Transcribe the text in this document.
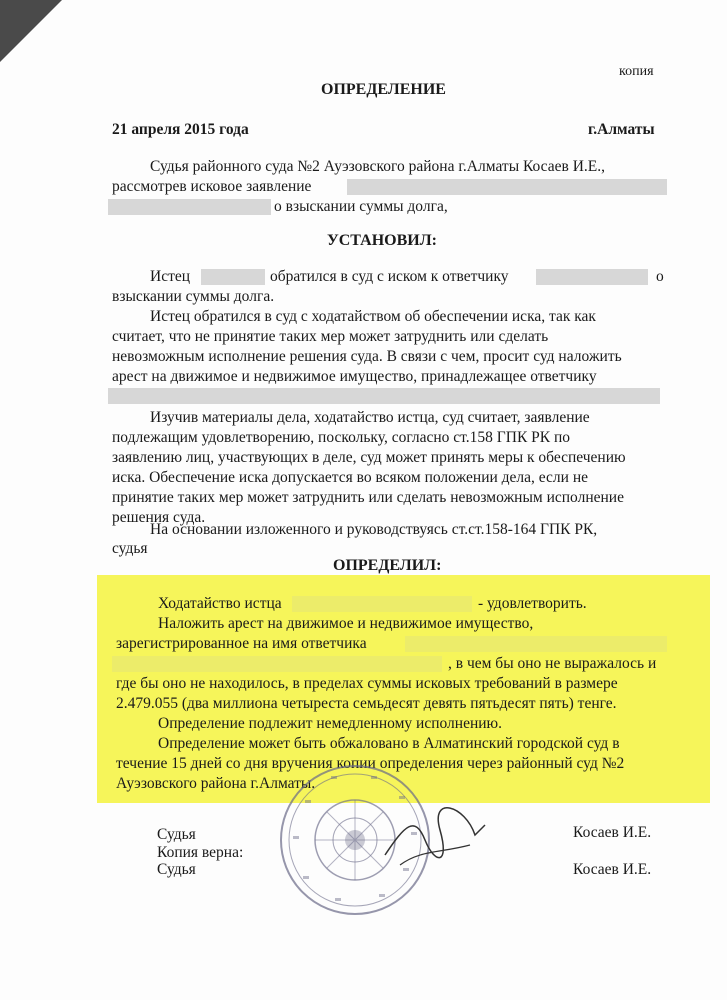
копия
ОПРЕДЕЛЕНИЕ
21 апреля 2015 года	г.Алматы
Судья районного суда №2 Ауэзовского района г.Алматы Косаев И.Е.,
рассмотрев исковое заявление
о взыскании суммы долга,
УСТАНОВИЛ:
Истец	обратился в суд с иском к ответчику	о
взыскании суммы долга.
Истец обратился в суд с ходатайством об обеспечении иска, так как
считает, что не принятие таких мер может затруднить или сделать
невозможным исполнение решения суда. В связи с чем, просит суд наложить
арест на движимое и недвижимое имущество, принадлежащее ответчику
Изучив материалы дела, ходатайство истца, суд считает, заявление
подлежащим удовлетворению, поскольку, согласно ст.158 ГПК РК по
заявлению лиц, участвующих в деле, суд может принять меры к обеспечению
иска. Обеспечение иска допускается во всяком положении дела, если не
принятие таких мер может затруднить или сделать невозможным исполнение
решения суда.
На основании изложенного и руководствуясь ст.ст.158-164 ГПК РК,
судья
ОПРЕДЕЛИЛ:
Ходатайство истца	- удовлетворить.
Наложить арест на движимое и недвижимое имущество,
зарегистрированное на имя ответчика
, в чем бы оно не выражалось и
где бы оно не находилось, в пределах суммы исковых требований в размере
2.479.055 (два миллиона четыреста семьдесят девять пятьдесят пять) тенге.
Определение подлежит немедленному исполнению.
Определение может быть обжаловано в Алматинский городской суд в
течение 15 дней со дня вручения копии определения через районный суд №2
Ауэзовского района г.Алматы.
Судья
Копия верна:
Судья
Косаев И.Е.
Косаев И.Е.
